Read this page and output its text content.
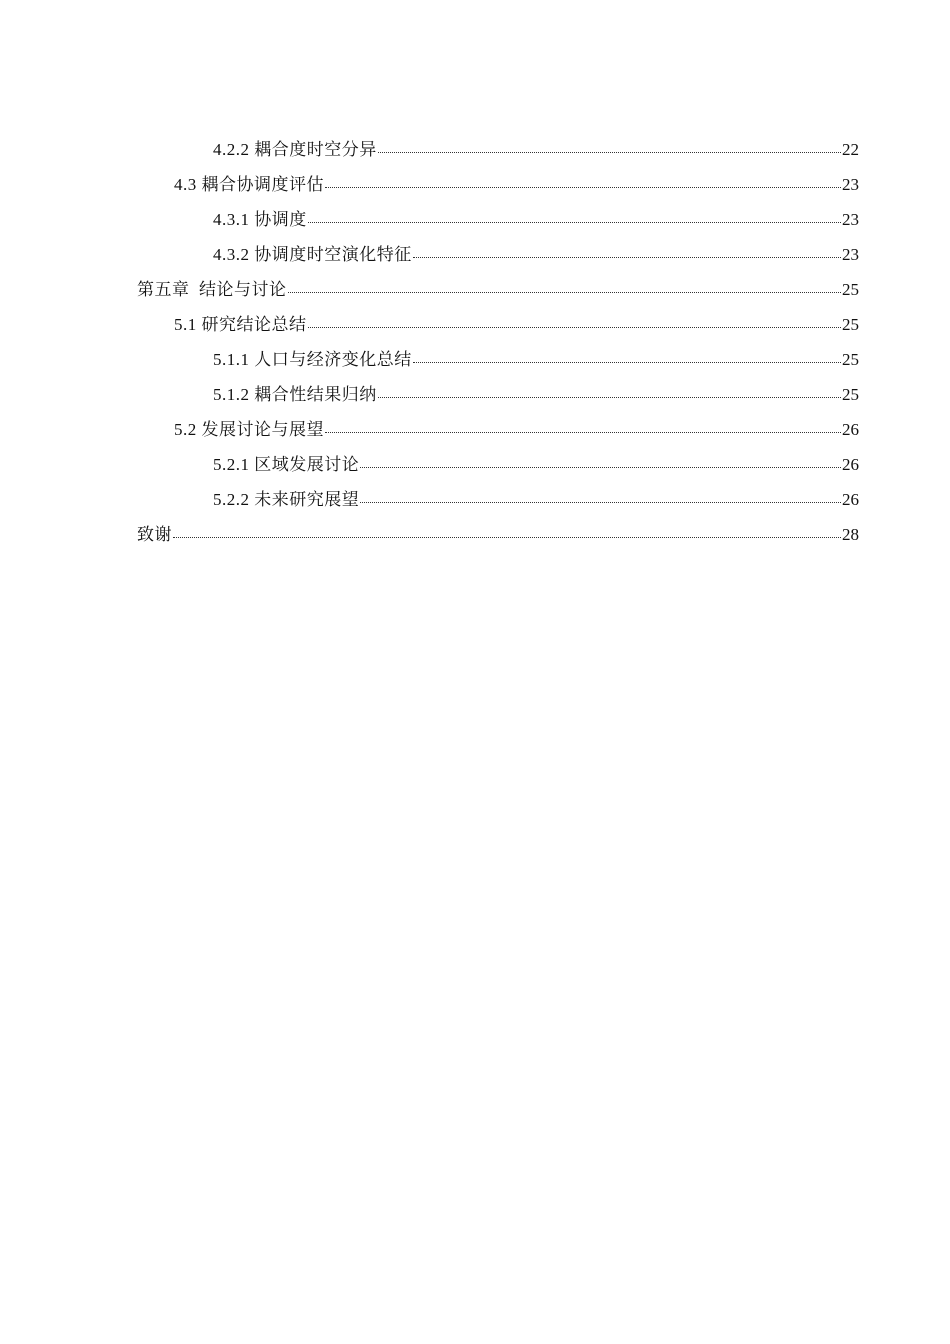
4.2.2 耦合度时空分异	22
4.3 耦合协调度评估	23
4.3.1 协调度	23
4.3.2 协调度时空演化特征	23
第五章  结论与讨论	25
5.1 研究结论总结	25
5.1.1 人口与经济变化总结	25
5.1.2 耦合性结果归纳	25
5.2 发展讨论与展望	26
5.2.1 区域发展讨论	26
5.2.2 未来研究展望	26
致谢	28
